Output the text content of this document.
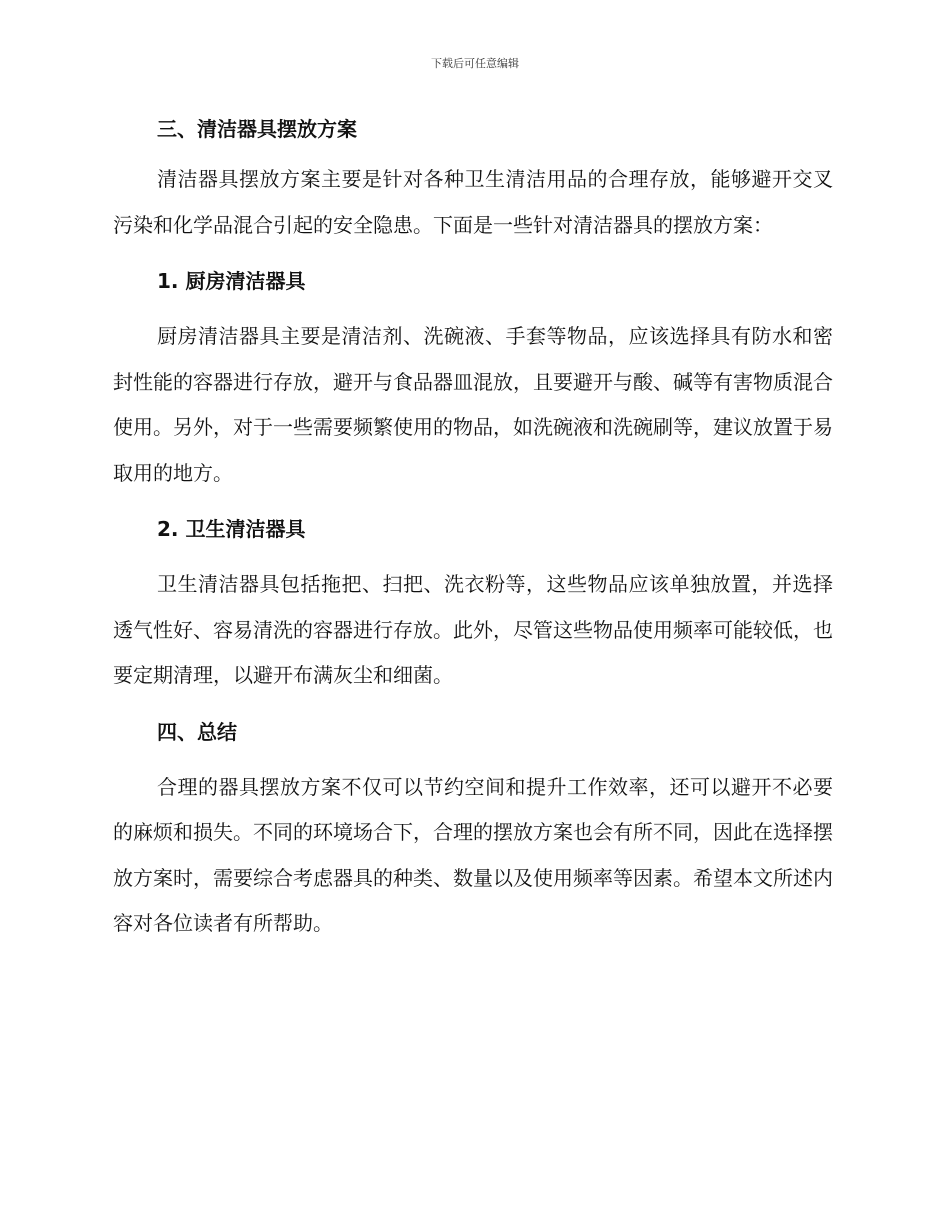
下载后可任意编辑
三、清洁器具摆放方案

清洁器具摆放方案主要是针对各种卫生清洁用品的合理存放，能够避开交叉污染和化学品混合引起的安全隐患。下面是一些针对清洁器具的摆放方案：

1. 厨房清洁器具

厨房清洁器具主要是清洁剂、洗碗液、手套等物品，应该选择具有防水和密封性能的容器进行存放，避开与食品器皿混放，且要避开与酸、碱等有害物质混合使用。另外，对于一些需要频繁使用的物品，如洗碗液和洗碗刷等，建议放置于易取用的地方。

2. 卫生清洁器具

卫生清洁器具包括拖把、扫把、洗衣粉等，这些物品应该单独放置，并选择透气性好、容易清洗的容器进行存放。此外，尽管这些物品使用频率可能较低，也要定期清理，以避开布满灰尘和细菌。

四、总结

合理的器具摆放方案不仅可以节约空间和提升工作效率，还可以避开不必要的麻烦和损失。不同的环境场合下，合理的摆放方案也会有所不同，因此在选择摆放方案时，需要综合考虑器具的种类、数量以及使用频率等因素。希望本文所述内容对各位读者有所帮助。
